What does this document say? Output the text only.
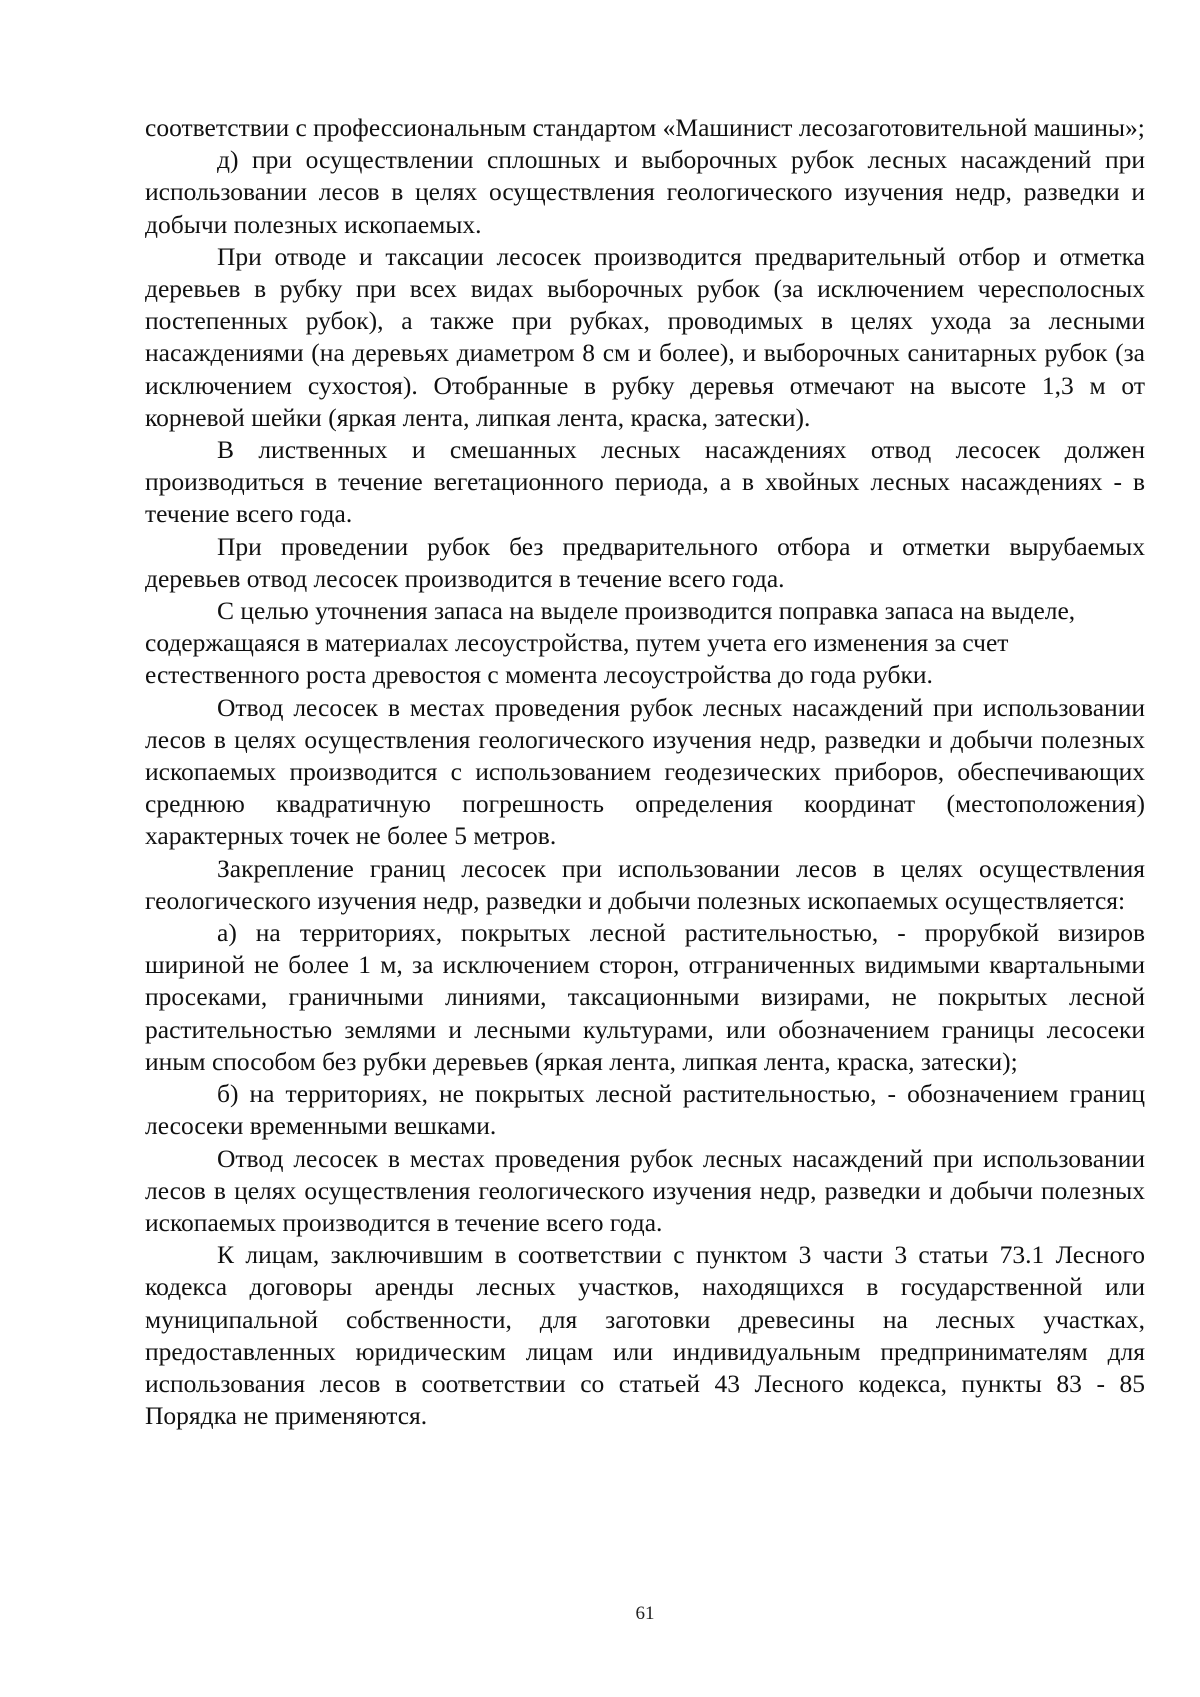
соответствии с профессиональным стандартом «Машинист лесозаготовительной машины»;

д) при осуществлении сплошных и выборочных рубок лесных насаждений при использовании лесов в целях осуществления геологического изучения недр, разведки и добычи полезных ископаемых.

При отводе и таксации лесосек производится предварительный отбор и отметка деревьев в рубку при всех видах выборочных рубок (за исключением чересполосных постепенных рубок), а также при рубках, проводимых в целях ухода за лесными насаждениями (на деревьях диаметром 8 см и более), и выборочных санитарных рубок (за исключением сухостоя). Отобранные в рубку деревья отмечают на высоте 1,3 м от корневой шейки (яркая лента, липкая лента, краска, затески).

В лиственных и смешанных лесных насаждениях отвод лесосек должен производиться в течение вегетационного периода, а в хвойных лесных насаждениях - в течение всего года.

При проведении рубок без предварительного отбора и отметки вырубаемых деревьев отвод лесосек производится в течение всего года.

С целью уточнения запаса на выделе производится поправка запаса на выделе, содержащаяся в материалах лесоустройства, путем учета его изменения за счет естественного роста древостоя с момента лесоустройства до года рубки.

Отвод лесосек в местах проведения рубок лесных насаждений при использовании лесов в целях осуществления геологического изучения недр, разведки и добычи полезных ископаемых производится с использованием геодезических приборов, обеспечивающих среднюю квадратичную погрешность определения координат (местоположения) характерных точек не более 5 метров.

Закрепление границ лесосек при использовании лесов в целях осуществления геологического изучения недр, разведки и добычи полезных ископаемых осуществляется:

а) на территориях, покрытых лесной растительностью, - прорубкой визиров шириной не более 1 м, за исключением сторон, отграниченных видимыми квартальными просеками, граничными линиями, таксационными визирами, не покрытых лесной растительностью землями и лесными культурами, или обозначением границы лесосеки иным способом без рубки деревьев (яркая лента, липкая лента, краска, затески);

б) на территориях, не покрытых лесной растительностью, - обозначением границ лесосеки временными вешками.

Отвод лесосек в местах проведения рубок лесных насаждений при использовании лесов в целях осуществления геологического изучения недр, разведки и добычи полезных ископаемых производится в течение всего года.

К лицам, заключившим в соответствии с пунктом 3 части 3 статьи 73.1 Лесного кодекса договоры аренды лесных участков, находящихся в государственной или муниципальной собственности, для заготовки древесины на лесных участках, предоставленных юридическим лицам или индивидуальным предпринимателям для использования лесов в соответствии со статьей 43 Лесного кодекса, пункты 83 - 85 Порядка не применяются.

61
